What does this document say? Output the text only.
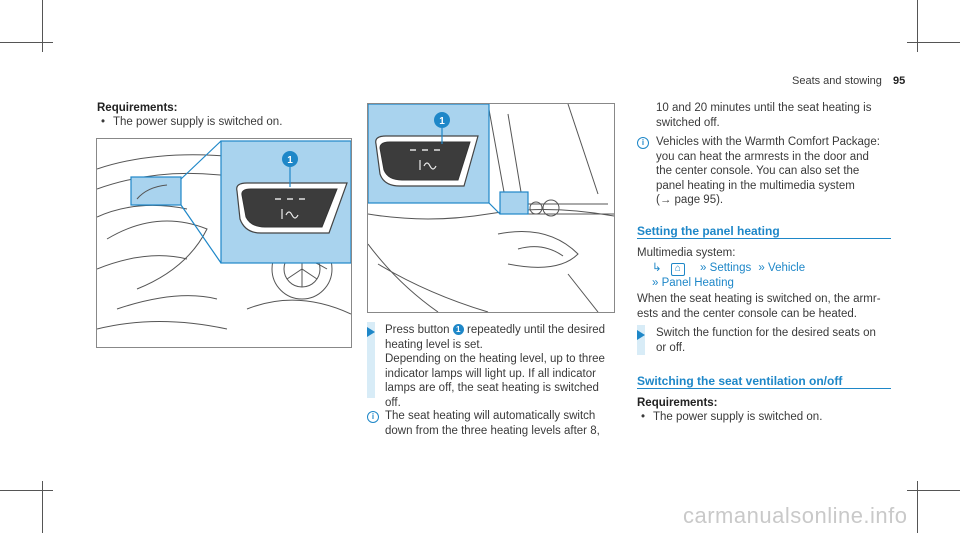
Seats and stowing 95
Requirements:
• The power supply is switched on.
1
1
Press button 1 repeatedly until the desired
heating level is set.
Depending on the heating level, up to three
indicator lamps will light up. If all indicator
lamps are off, the seat heating is switched
off.
i The seat heating will automatically switch
down from the three heating levels after 8,
10 and 20 minutes until the seat heating is
switched off.
i	Vehicles with the Warmth Comfort Package:
you can heat the armrests in the door and
the center console. You can also set the
panel heating in the multimedia system
(→ page 95).
Setting the panel heating
Multimedia system:
↳ ⌂ » Settings » Vehicle
» Panel Heating
When the seat heating is switched on, the armr-
ests and the center console can be heated.
Switch the function for the desired seats on
or off.
Switching the seat ventilation on/off
Requirements:
• The power supply is switched on.
carmanualsonline.info
